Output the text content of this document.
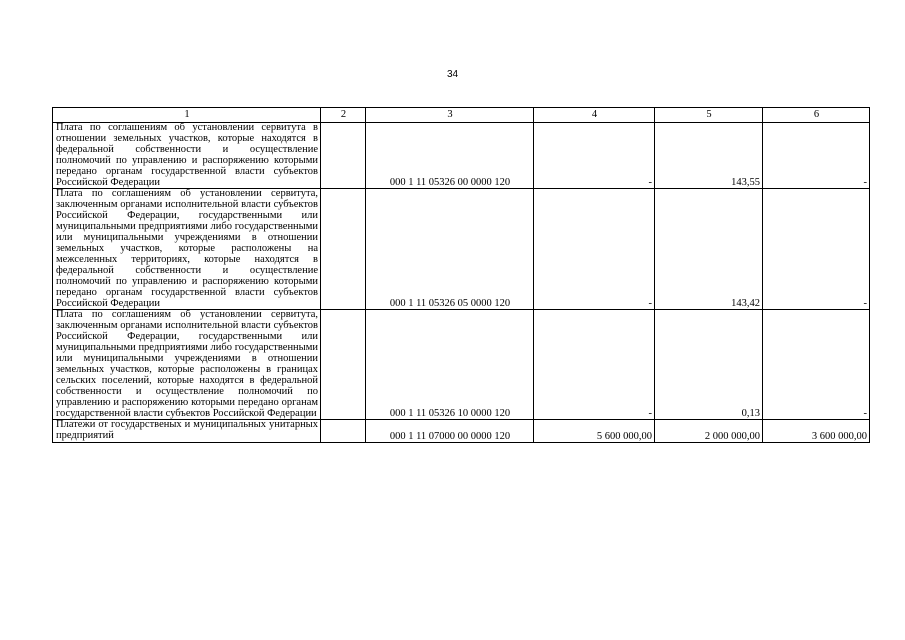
34
1	2	3	4	5	6
Плата по соглашениям об установлении сервитута в отношении земельных участков, которые находятся в федеральной собственности и осуществление полномочий по управлению и распоряжению которыми передано органам государственной власти субъектов Российской Федерации		000 1 11 05326 00 0000 120	-	143,55	-
Плата по соглашениям об установлении сервитута, заключенным органами исполнительной власти субъектов Российской Федерации, государственными или муниципальными предприятиями либо государственными или муниципальными учреждениями в отношении земельных участков, которые расположены на межселенных территориях, которые находятся в федеральной собственности и осуществление полномочий по управлению и распоряжению которыми передано органам государственной власти субъектов Российской Федерации		000 1 11 05326 05 0000 120	-	143,42	-
Плата по соглашениям об установлении сервитута, заключенным органами исполнительной власти субъектов Российской Федерации, государственными или муниципальными предприятиями либо государственными или муниципальными учреждениями в отношении земельных участков, которые расположены в границах сельских поселений, которые находятся в федеральной собственности и осуществление полномочий по управлению и распоряжению которыми передано органам государственной власти субъектов Российской Федерации		000 1 11 05326 10 0000 120	-	0,13	-
Платежи от государственых и муниципальных унитарных предприятий		000 1 11 07000 00 0000 120	5 600 000,00	2 000 000,00	3 600 000,00
